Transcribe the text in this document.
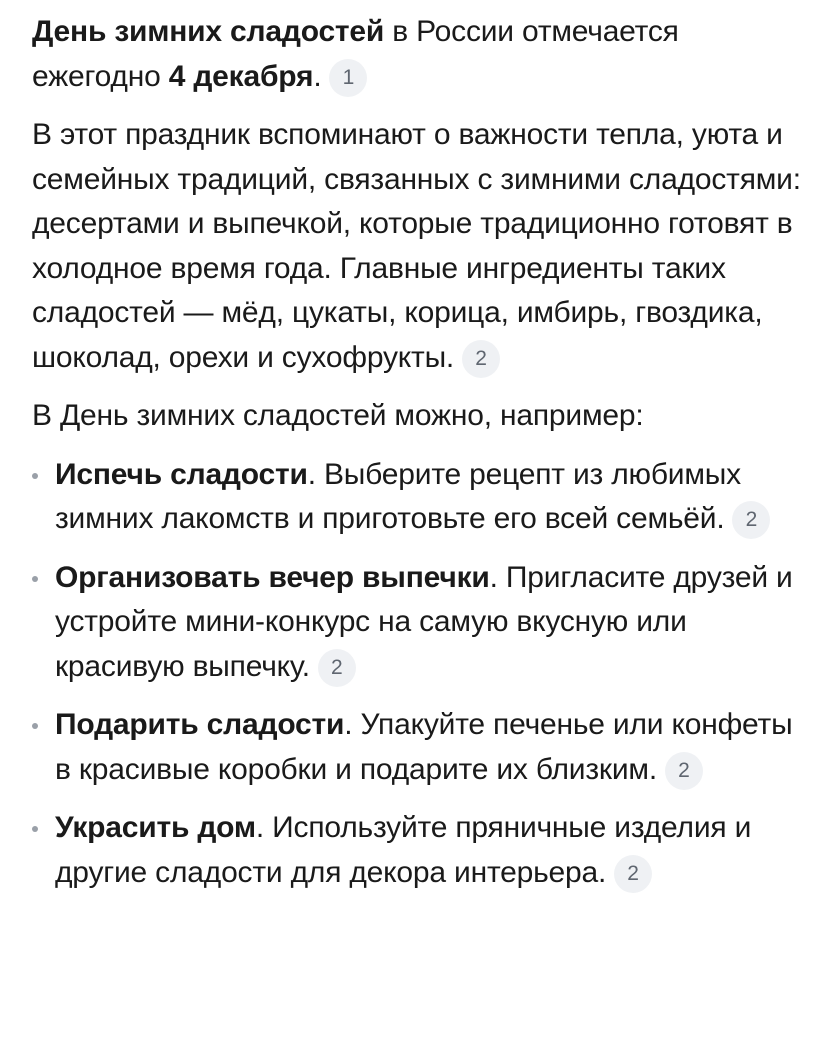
День зимних сладостей в России отмечается ежегодно 4 декабря. 1

В этот праздник вспоминают о важности тепла, уюта и семейных традиций, связанных с зимними сладостями: десертами и выпечкой, которые традиционно готовят в холодное время года. Главные ингредиенты таких сладостей — мёд, цукаты, корица, имбирь, гвоздика, шоколад, орехи и сухофрукты. 2

В День зимних сладостей можно, например:

Испечь сладости. Выберите рецепт из любимых зимних лакомств и приготовьте его всей семьёй. 2
Организовать вечер выпечки. Пригласите друзей и устройте мини-конкурс на самую вкусную или красивую выпечку. 2
Подарить сладости. Упакуйте печенье или конфеты в красивые коробки и подарите их близким. 2
Украсить дом. Используйте пряничные изделия и другие сладости для декора интерьера. 2
